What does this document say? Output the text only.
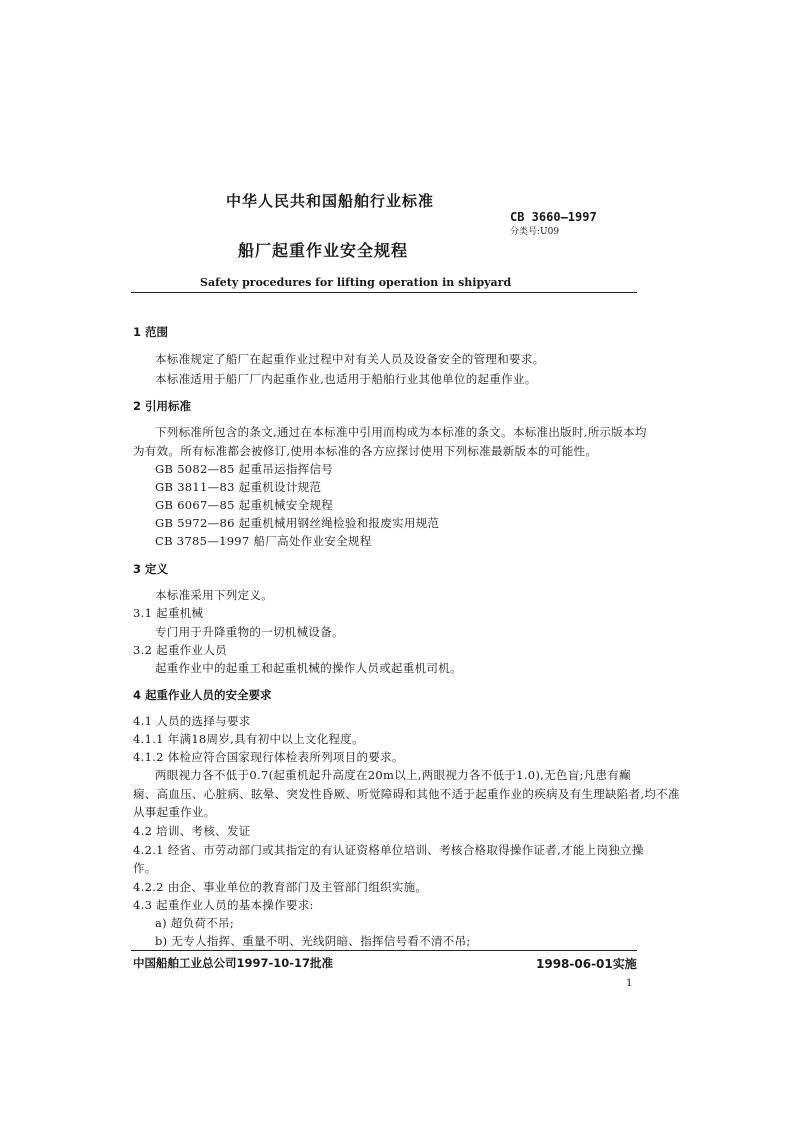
中华人民共和国船舶行业标准
CB 3660—1997
分类号:U09
船厂起重作业安全规程
Safety procedures for lifting operation in shipyard
1 范围
本标准规定了船厂在起重作业过程中对有关人员及设备安全的管理和要求。
本标准适用于船厂厂内起重作业,也适用于船舶行业其他单位的起重作业。
2 引用标准
下列标准所包含的条文,通过在本标准中引用而构成为本标准的条文。本标准出版时,所示版本均
为有效。所有标准都会被修订,使用本标准的各方应探讨使用下列标准最新版本的可能性。
GB 5082—85 起重吊运指挥信号
GB 3811—83 起重机设计规范
GB 6067—85 起重机械安全规程
GB 5972—86 起重机械用钢丝绳检验和报废实用规范
CB 3785—1997 船厂高处作业安全规程
3 定义
本标准采用下列定义。
3.1 起重机械
专门用于升降重物的一切机械设备。
3.2 起重作业人员
起重作业中的起重工和起重机械的操作人员或起重机司机。
4 起重作业人员的安全要求
4.1 人员的选择与要求
4.1.1 年满18周岁,具有初中以上文化程度。
4.1.2 体检应符合国家现行体检表所列项目的要求。
两眼视力各不低于0.7(起重机起升高度在20m以上,两眼视力各不低于1.0),无色盲;凡患有癫
痫、高血压、心脏病、眩晕、突发性昏厥、听觉障碍和其他不适于起重作业的疾病及有生理缺陷者,均不准
从事起重作业。
4.2 培训、考核、发证
4.2.1 经省、市劳动部门或其指定的有认证资格单位培训、考核合格取得操作证者,才能上岗独立操
作。
4.2.2 由企、事业单位的教育部门及主管部门组织实施。
4.3 起重作业人员的基本操作要求:
a) 超负荷不吊;
b) 无专人指挥、重量不明、光线阴暗、指挥信号看不清不吊;
中国船舶工业总公司1997-10-17批准	1998-06-01实施
1
